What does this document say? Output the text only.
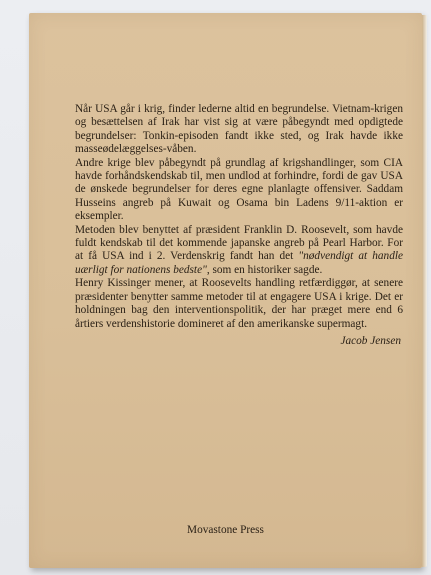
Når USA går i krig, finder lederne altid en begrundelse. Vietnam-krigen og besættelsen af Irak har vist sig at være påbegyndt med opdigtede begrundelser: Tonkin-episoden fandt ikke sted, og Irak havde ikke masseødelæggelses-våben.

Andre krige blev påbegyndt på grundlag af krigshandlinger, som CIA havde forhåndskendskab til, men undlod at forhindre, fordi de gav USA de ønskede begrundelser for deres egne planlagte offensiver. Saddam Husseins angreb på Kuwait og Osama bin Ladens 9/11-aktion er eksempler.

Metoden blev benyttet af præsident Franklin D. Roosevelt, som havde fuldt kendskab til det kommende japanske angreb på Pearl Harbor. For at få USA ind i 2. Verdenskrig fandt han det "nødvendigt at handle uærligt for nationens bedste", som en historiker sagde.

Henry Kissinger mener, at Roosevelts handling retfærdiggør, at senere præsidenter benytter samme metoder til at engagere USA i krige. Det er holdningen bag den interventionspolitik, der har præget mere end 6 årtiers verdenshistorie domineret af den amerikanske supermagt.

Jacob Jensen
Movastone Press
